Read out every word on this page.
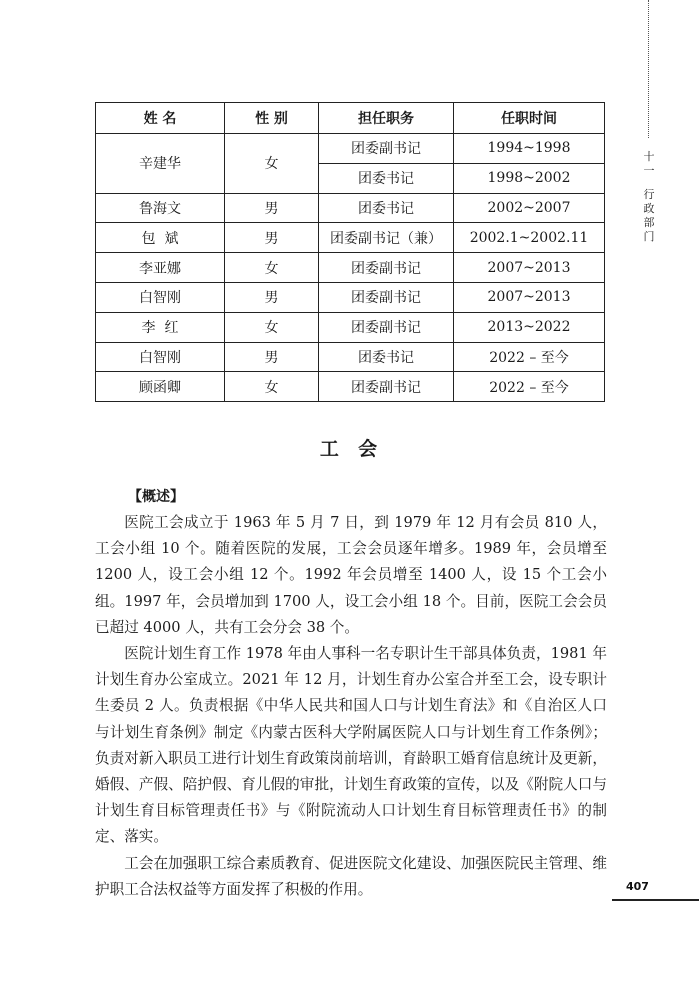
十一
行政部门
姓 名	性 别	担任职务	任职时间
辛建华	女	团委副书记	1994~1998
		团委书记	1998~2002
鲁海文	男	团委书记	2002~2007
包  斌	男	团委副书记（兼）	2002.1~2002.11
李亚娜	女	团委副书记	2007~2013
白智刚	男	团委副书记	2007~2013
李  红	女	团委副书记	2013~2022
白智刚	男	团委书记	2022 – 至今
顾函卿	女	团委副书记	2022 – 至今
工  会
【概述】

医院工会成立于 1963 年 5 月 7 日，到 1979 年 12 月有会员 810 人，工会小组 10 个。随着医院的发展，工会会员逐年增多。1989 年，会员增至 1200 人，设工会小组 12 个。1992 年会员增至 1400 人，设 15 个工会小组。1997 年，会员增加到 1700 人，设工会小组 18 个。目前，医院工会会员已超过 4000 人，共有工会分会 38 个。

医院计划生育工作 1978 年由人事科一名专职计生干部具体负责，1981 年计划生育办公室成立。2021 年 12 月，计划生育办公室合并至工会，设专职计生委员 2 人。负责根据《中华人民共和国人口与计划生育法》和《自治区人口与计划生育条例》制定《内蒙古医科大学附属医院人口与计划生育工作条例》；负责对新入职员工进行计划生育政策岗前培训，育龄职工婚育信息统计及更新，婚假、产假、陪护假、育儿假的审批，计划生育政策的宣传，以及《附院人口与计划生育目标管理责任书》与《附院流动人口计划生育目标管理责任书》的制定、落实。

工会在加强职工综合素质教育、促进医院文化建设、加强医院民主管理、维护职工合法权益等方面发挥了积极的作用。	407
